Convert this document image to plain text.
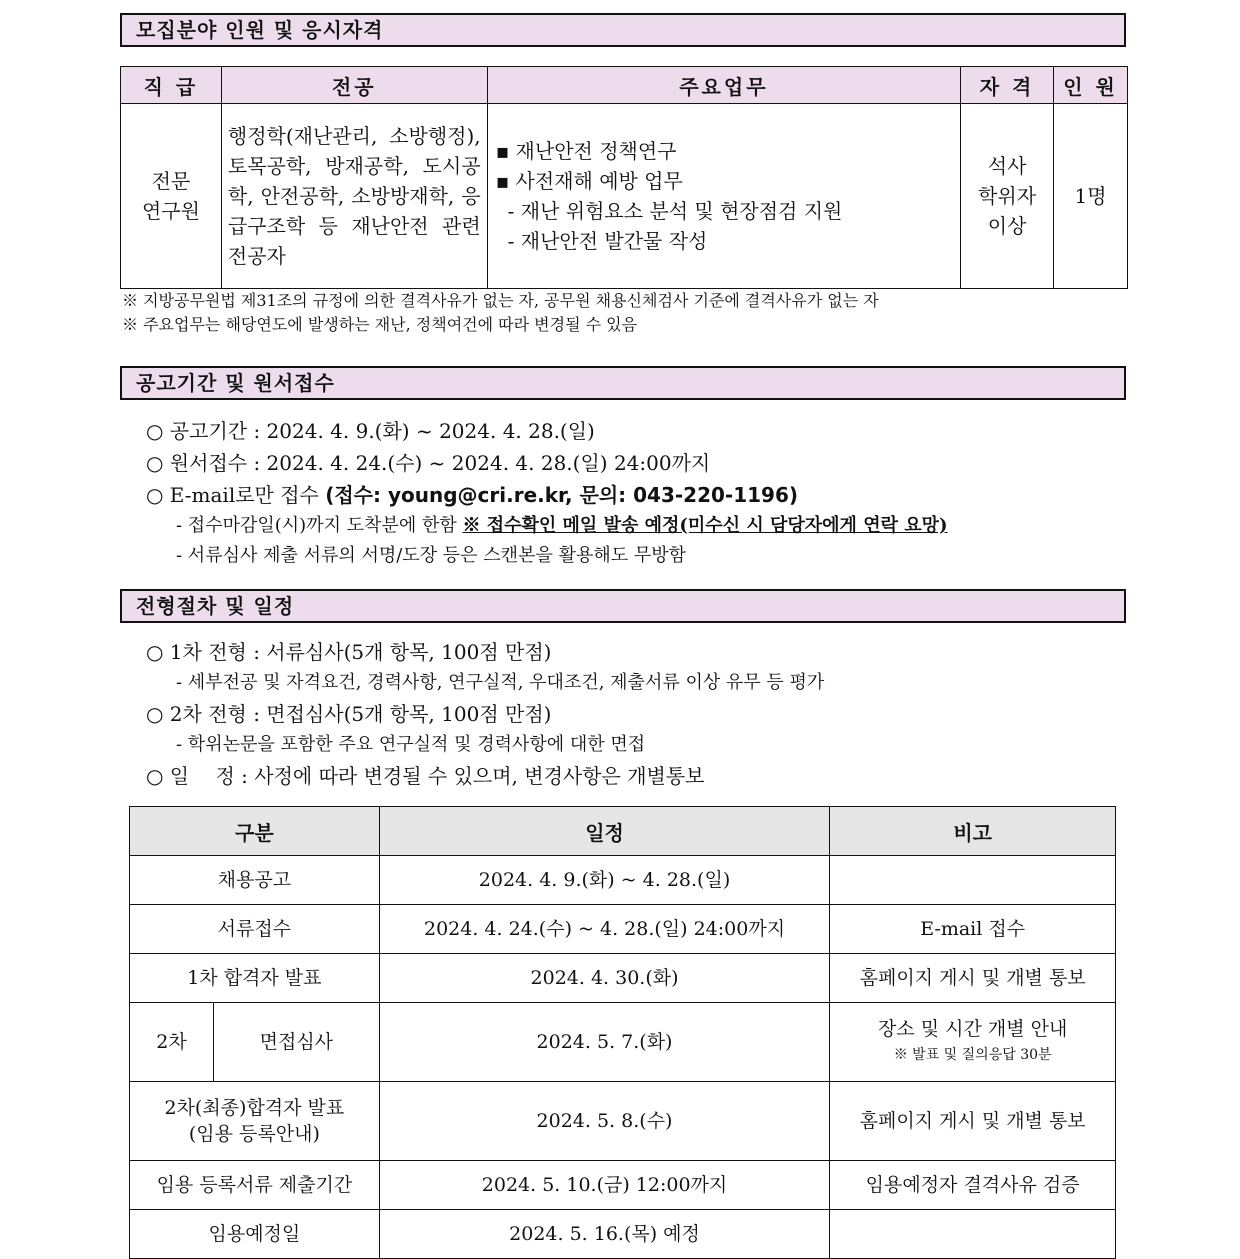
모집분야 인원 및 응시자격
직 급	전공	주요업무	자 격	인 원

전문
연구원	행정학(재난관리, 소방행정), 토목공학, 방재공학, 도시공학, 안전공학, 소방방재학, 응급구조학 등 재난안전 관련 전공자	▪ 재난안전 정책연구
▪ 사전재해 예방 업무
- 재난 위험요소 분석 및 현장점검 지원
- 재난안전 발간물 작성	석사
학위자
이상	1명
※ 지방공무원법 제31조의 규정에 의한 결격사유가 없는 자, 공무원 채용신체검사 기준에 결격사유가 없는 자
※ 주요업무는 해당연도에 발생하는 재난, 정책여건에 따라 변경될 수 있음
공고기간 및 원서접수
○ 공고기간 : 2024. 4. 9.(화) ~ 2024. 4. 28.(일)
○ 원서접수 : 2024. 4. 24.(수) ~ 2024. 4. 28.(일) 24:00까지
○ E-mail로만 접수 (접수: young@cri.re.kr, 문의: 043-220-1196)
- 접수마감일(시)까지 도착분에 한함 ※ 접수확인 메일 발송 예정(미수신 시 담당자에게 연락 요망)
- 서류심사 제출 서류의 서명/도장 등은 스캔본을 활용해도 무방함
전형절차 및 일정
○ 1차 전형 : 서류심사(5개 항목, 100점 만점)
- 세부전공 및 자격요건, 경력사항, 연구실적, 우대조건, 제출서류 이상 유무 등 평가
○ 2차 전형 : 면접심사(5개 항목, 100점 만점)
- 학위논문을 포함한 주요 연구실적 및 경력사항에 대한 면접
○ 일　 정 : 사정에 따라 변경될 수 있으며, 변경사항은 개별통보
구분		일정	비고
채용공고		2024. 4. 9.(화) ~ 4. 28.(일)	
서류접수		2024. 4. 24.(수) ~ 4. 28.(일) 24:00까지	E-mail 접수
1차 합격자 발표		2024. 4. 30.(화)	홈페이지 게시 및 개별 통보
2차	면접심사	2024. 5. 7.(화)	장소 및 시간 개별 안내
※ 발표 및 질의응답 30분

2차(최종)합격자 발표
(임용 등록안내)		2024. 5. 8.(수)	홈페이지 게시 및 개별 통보
임용 등록서류 제출기간		2024. 5. 10.(금) 12:00까지	임용예정자 결격사유 검증
임용예정일		2024. 5. 16.(목) 예정	
